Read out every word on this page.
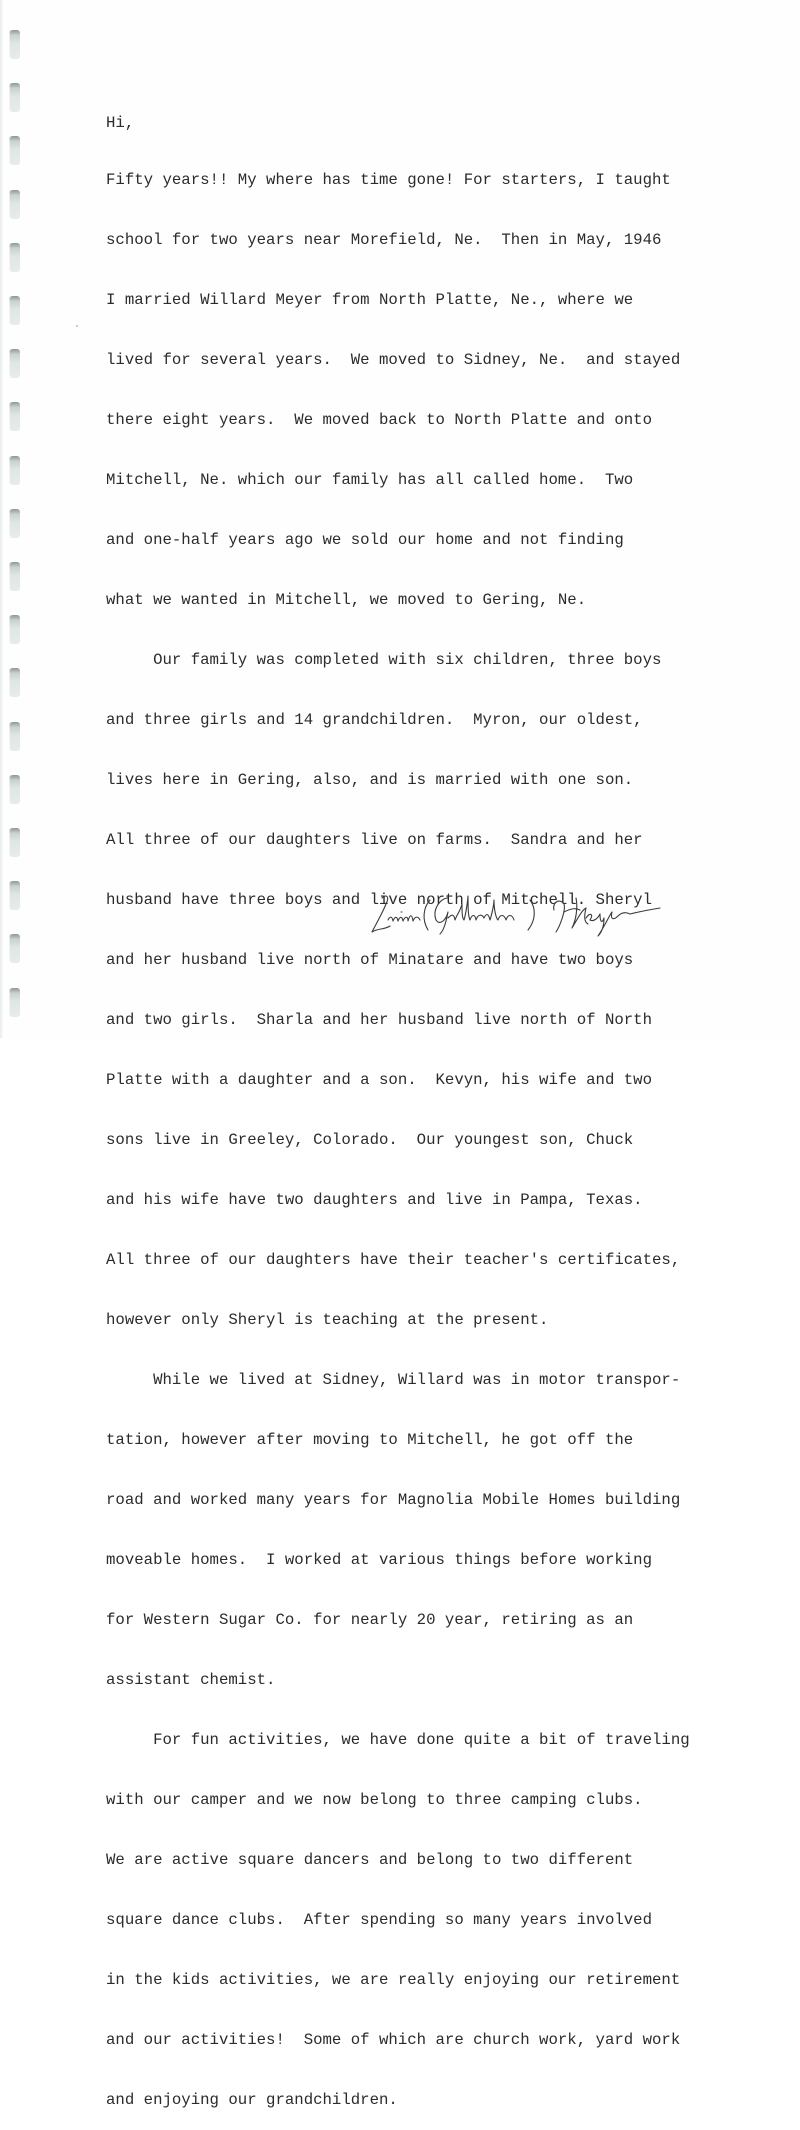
Hi,

Fifty years!! My where has time gone! For starters, I taught

school for two years near Morefield, Ne.  Then in May, 1946

I married Willard Meyer from North Platte, Ne., where we

lived for several years.  We moved to Sidney, Ne.  and stayed

there eight years.  We moved back to North Platte and onto

Mitchell, Ne. which our family has all called home.  Two

and one-half years ago we sold our home and not finding

what we wanted in Mitchell, we moved to Gering, Ne.

Our family was completed with six children, three boys

and three girls and 14 grandchildren.  Myron, our oldest,

lives here in Gering, also, and is married with one son.

All three of our daughters live on farms.  Sandra and her

husband have three boys and live north of Mitchell. Sheryl

and her husband live north of Minatare and have two boys

and two girls.  Sharla and her husband live north of North

Platte with a daughter and a son.  Kevyn, his wife and two

sons live in Greeley, Colorado.  Our youngest son, Chuck

and his wife have two daughters and live in Pampa, Texas.

All three of our daughters have their teacher's certificates,

however only Sheryl is teaching at the present.

While we lived at Sidney, Willard was in motor transpor-

tation, however after moving to Mitchell, he got off the

road and worked many years for Magnolia Mobile Homes building

moveable homes.  I worked at various things before working

for Western Sugar Co. for nearly 20 year, retiring as an

assistant chemist.

For fun activities, we have done quite a bit of traveling

with our camper and we now belong to three camping clubs.

We are active square dancers and belong to two different

square dance clubs.  After spending so many years involved

in the kids activities, we are really enjoying our retirement

and our activities!  Some of which are church work, yard work

and enjoying our grandchildren.
